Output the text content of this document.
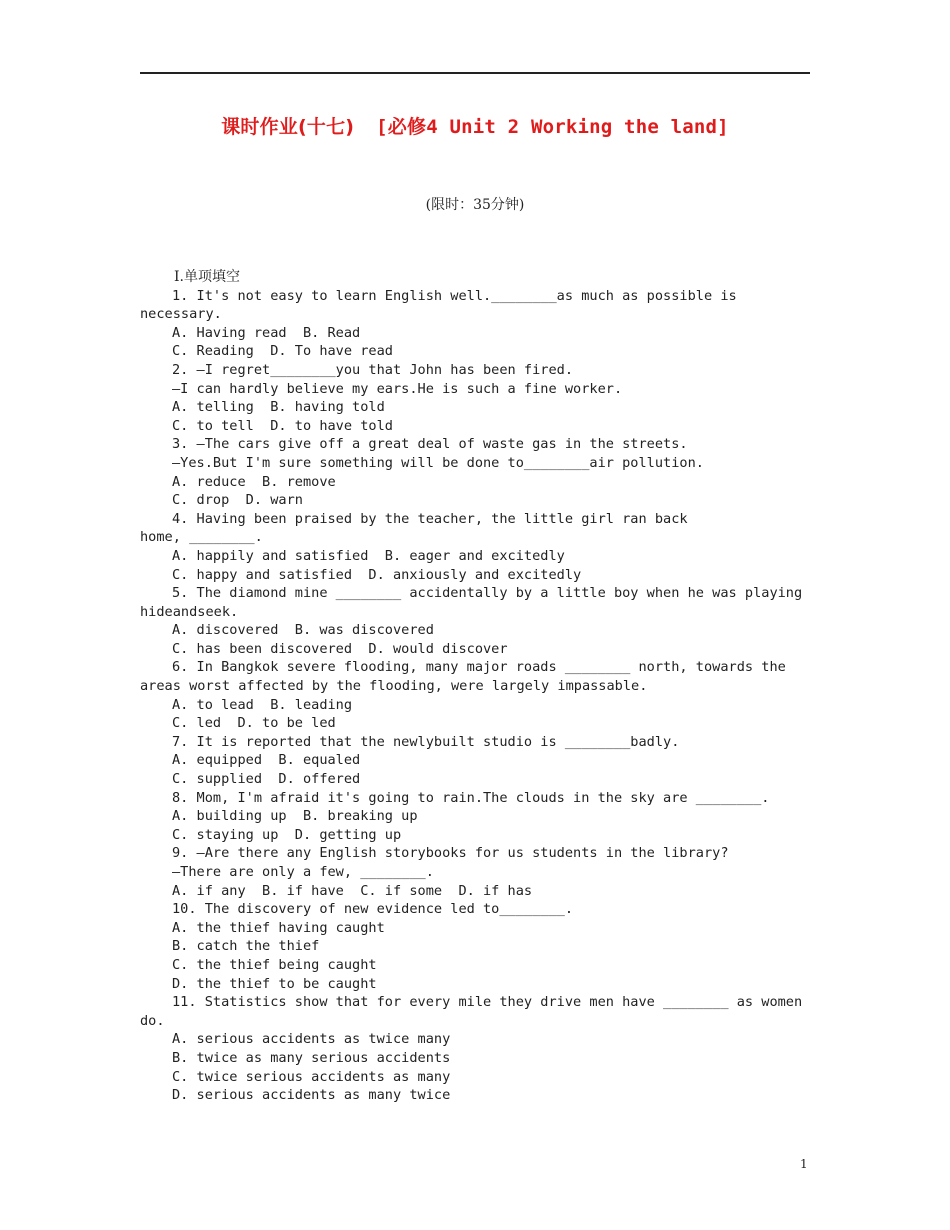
课时作业(十七) [必修4 Unit 2 Working the land]
(限时：35分钟)
Ⅰ.单项填空
1. It's not easy to learn English well.________as much as possible is
necessary.
A. Having read  B. Read
C. Reading  D. To have read
2. —I regret________you that John has been fired.
—I can hardly believe my ears.He is such a fine worker.
A. telling  B. having told
C. to tell  D. to have told
3. —The cars give off a great deal of waste gas in the streets.
—Yes.But I'm sure something will be done to________air pollution.
A. reduce  B. remove
C. drop  D. warn
4. Having been praised by the teacher, the little girl ran back
home, ________.
A. happily and satisfied  B. eager and excitedly
C. happy and satisfied  D. anxiously and excitedly
5. The diamond mine ________ accidentally by a little boy when he was playing
hideandseek.
A. discovered  B. was discovered
C. has been discovered  D. would discover
6. In Bangkok severe flooding, many major roads ________ north, towards the
areas worst affected by the flooding, were largely impassable.
A. to lead  B. leading
C. led  D. to be led
7. It is reported that the newlybuilt studio is ________badly.
A. equipped  B. equaled
C. supplied  D. offered
8. Mom, I'm afraid it's going to rain.The clouds in the sky are ________.
A. building up  B. breaking up
C. staying up  D. getting up
9. —Are there any English storybooks for us students in the library?
—There are only a few, ________.
A. if any  B. if have  C. if some  D. if has
10. The discovery of new evidence led to________.
A. the thief having caught
B. catch the thief
C. the thief being caught
D. the thief to be caught
11. Statistics show that for every mile they drive men have ________ as women
do.
A. serious accidents as twice many
B. twice as many serious accidents
C. twice serious accidents as many
D. serious accidents as many twice
1
